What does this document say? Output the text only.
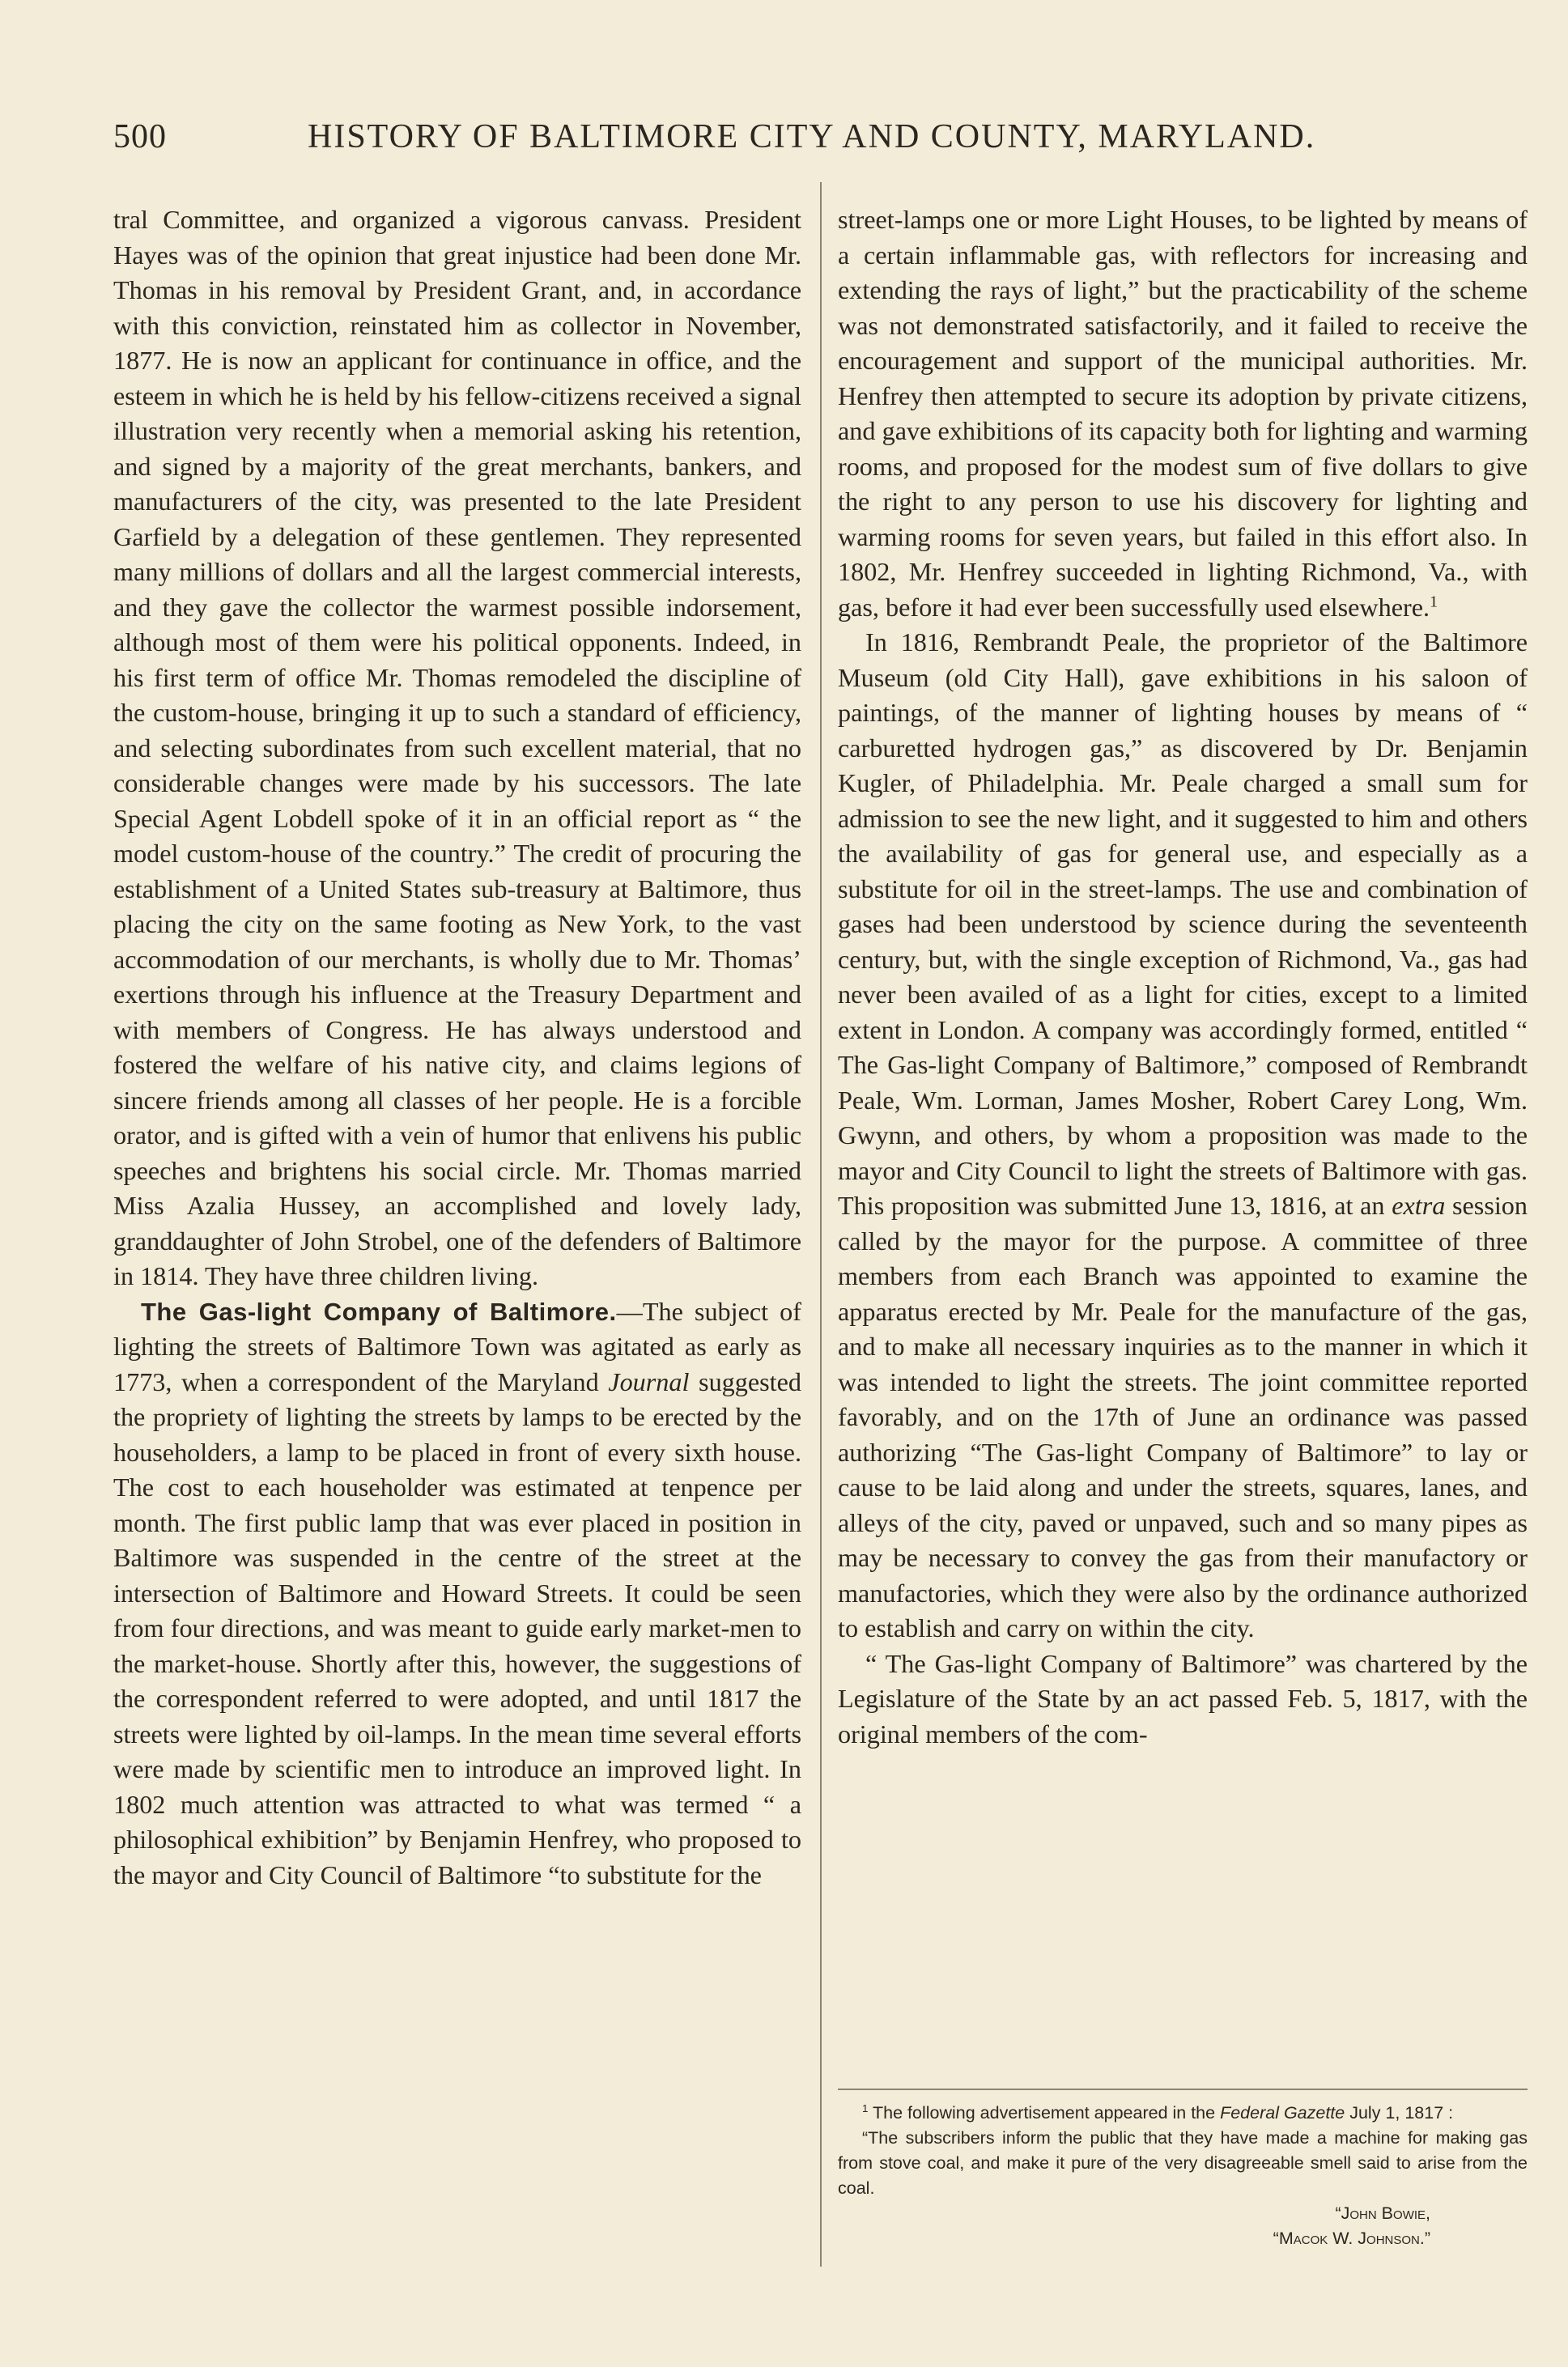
500	HISTORY OF BALTIMORE CITY AND COUNTY, MARYLAND.

tral Committee, and organized a vigorous canvass. President Hayes was of the opinion that great injustice had been done Mr. Thomas in his removal by President Grant, and, in accordance with this conviction, reinstated him as collector in November, 1877. He is now an applicant for continuance in office, and the esteem in which he is held by his fellow-citizens received a signal illustration very recently when a memorial asking his retention, and signed by a majority of the great merchants, bankers, and manufacturers of the city, was presented to the late President Garfield by a delegation of these gentlemen. They represented many millions of dollars and all the largest commercial interests, and they gave the collector the warmest possible indorsement, although most of them were his political opponents. Indeed, in his first term of office Mr. Thomas remodeled the discipline of the custom-house, bringing it up to such a standard of efficiency, and selecting subordinates from such excellent material, that no considerable changes were made by his successors. The late Special Agent Lobdell spoke of it in an official report as “ the model custom-house of the country.” The credit of procuring the establishment of a United States sub-treasury at Baltimore, thus placing the city on the same footing as New York, to the vast accommodation of our merchants, is wholly due to Mr. Thomas’ exertions through his influence at the Treasury Department and with members of Congress. He has always understood and fostered the welfare of his native city, and claims legions of sincere friends among all classes of her people. He is a forcible orator, and is gifted with a vein of humor that enlivens his public speeches and brightens his social circle. Mr. Thomas married Miss Azalia Hussey, an accomplished and lovely lady, granddaughter of John Strobel, one of the defenders of Baltimore in 1814. They have three children living.

The Gas-light Company of Baltimore.—The subject of lighting the streets of Baltimore Town was agitated as early as 1773, when a correspondent of the Maryland Journal suggested the propriety of lighting the streets by lamps to be erected by the householders, a lamp to be placed in front of every sixth house. The cost to each householder was estimated at tenpence per month. The first public lamp that was ever placed in position in Baltimore was suspended in the centre of the street at the intersection of Baltimore and Howard Streets. It could be seen from four directions, and was meant to guide early market-men to the market-house. Shortly after this, however, the suggestions of the correspondent referred to were adopted, and until 1817 the streets were lighted by oil-lamps. In the mean time several efforts were made by scientific men to introduce an improved light. In 1802 much attention was attracted to what was termed “ a philosophical exhibition” by Benjamin Henfrey, who proposed to the mayor and City Council of Baltimore “to substitute for the

street-lamps one or more Light Houses, to be lighted by means of a certain inflammable gas, with reflectors for increasing and extending the rays of light,” but the practicability of the scheme was not demonstrated satisfactorily, and it failed to receive the encouragement and support of the municipal authorities. Mr. Henfrey then attempted to secure its adoption by private citizens, and gave exhibitions of its capacity both for lighting and warming rooms, and proposed for the modest sum of five dollars to give the right to any person to use his discovery for lighting and warming rooms for seven years, but failed in this effort also. In 1802, Mr. Henfrey succeeded in lighting Richmond, Va., with gas, before it had ever been successfully used elsewhere.$^1$

In 1816, Rembrandt Peale, the proprietor of the Baltimore Museum (old City Hall), gave exhibitions in his saloon of paintings, of the manner of lighting houses by means of “ carburetted hydrogen gas,” as discovered by Dr. Benjamin Kugler, of Philadelphia. Mr. Peale charged a small sum for admission to see the new light, and it suggested to him and others the availability of gas for general use, and especially as a substitute for oil in the street-lamps. The use and combination of gases had been understood by science during the seventeenth century, but, with the single exception of Richmond, Va., gas had never been availed of as a light for cities, except to a limited extent in London. A company was accordingly formed, entitled “ The Gas-light Company of Baltimore,” composed of Rembrandt Peale, Wm. Lorman, James Mosher, Robert Carey Long, Wm. Gwynn, and others, by whom a proposition was made to the mayor and City Council to light the streets of Baltimore with gas. This proposition was submitted June 13, 1816, at an extra session called by the mayor for the purpose. A committee of three members from each Branch was appointed to examine the apparatus erected by Mr. Peale for the manufacture of the gas, and to make all necessary inquiries as to the manner in which it was intended to light the streets. The joint committee reported favorably, and on the 17th of June an ordinance was passed authorizing “The Gas-light Company of Baltimore” to lay or cause to be laid along and under the streets, squares, lanes, and alleys of the city, paved or unpaved, such and so many pipes as may be necessary to convey the gas from their manufactory or manufactories, which they were also by the ordinance authorized to establish and carry on within the city.

“ The Gas-light Company of Baltimore” was chartered by the Legislature of the State by an act passed Feb. 5, 1817, with the original members of the com-

$^1$ The following advertisement appeared in the Federal Gazette July 1, 1817 :

“The subscribers inform the public that they have made a machine for making gas from stove coal, and make it pure of the very disagreeable smell said to arise from the coal.

“John Bowie,

“Macok W. Johnson.”
